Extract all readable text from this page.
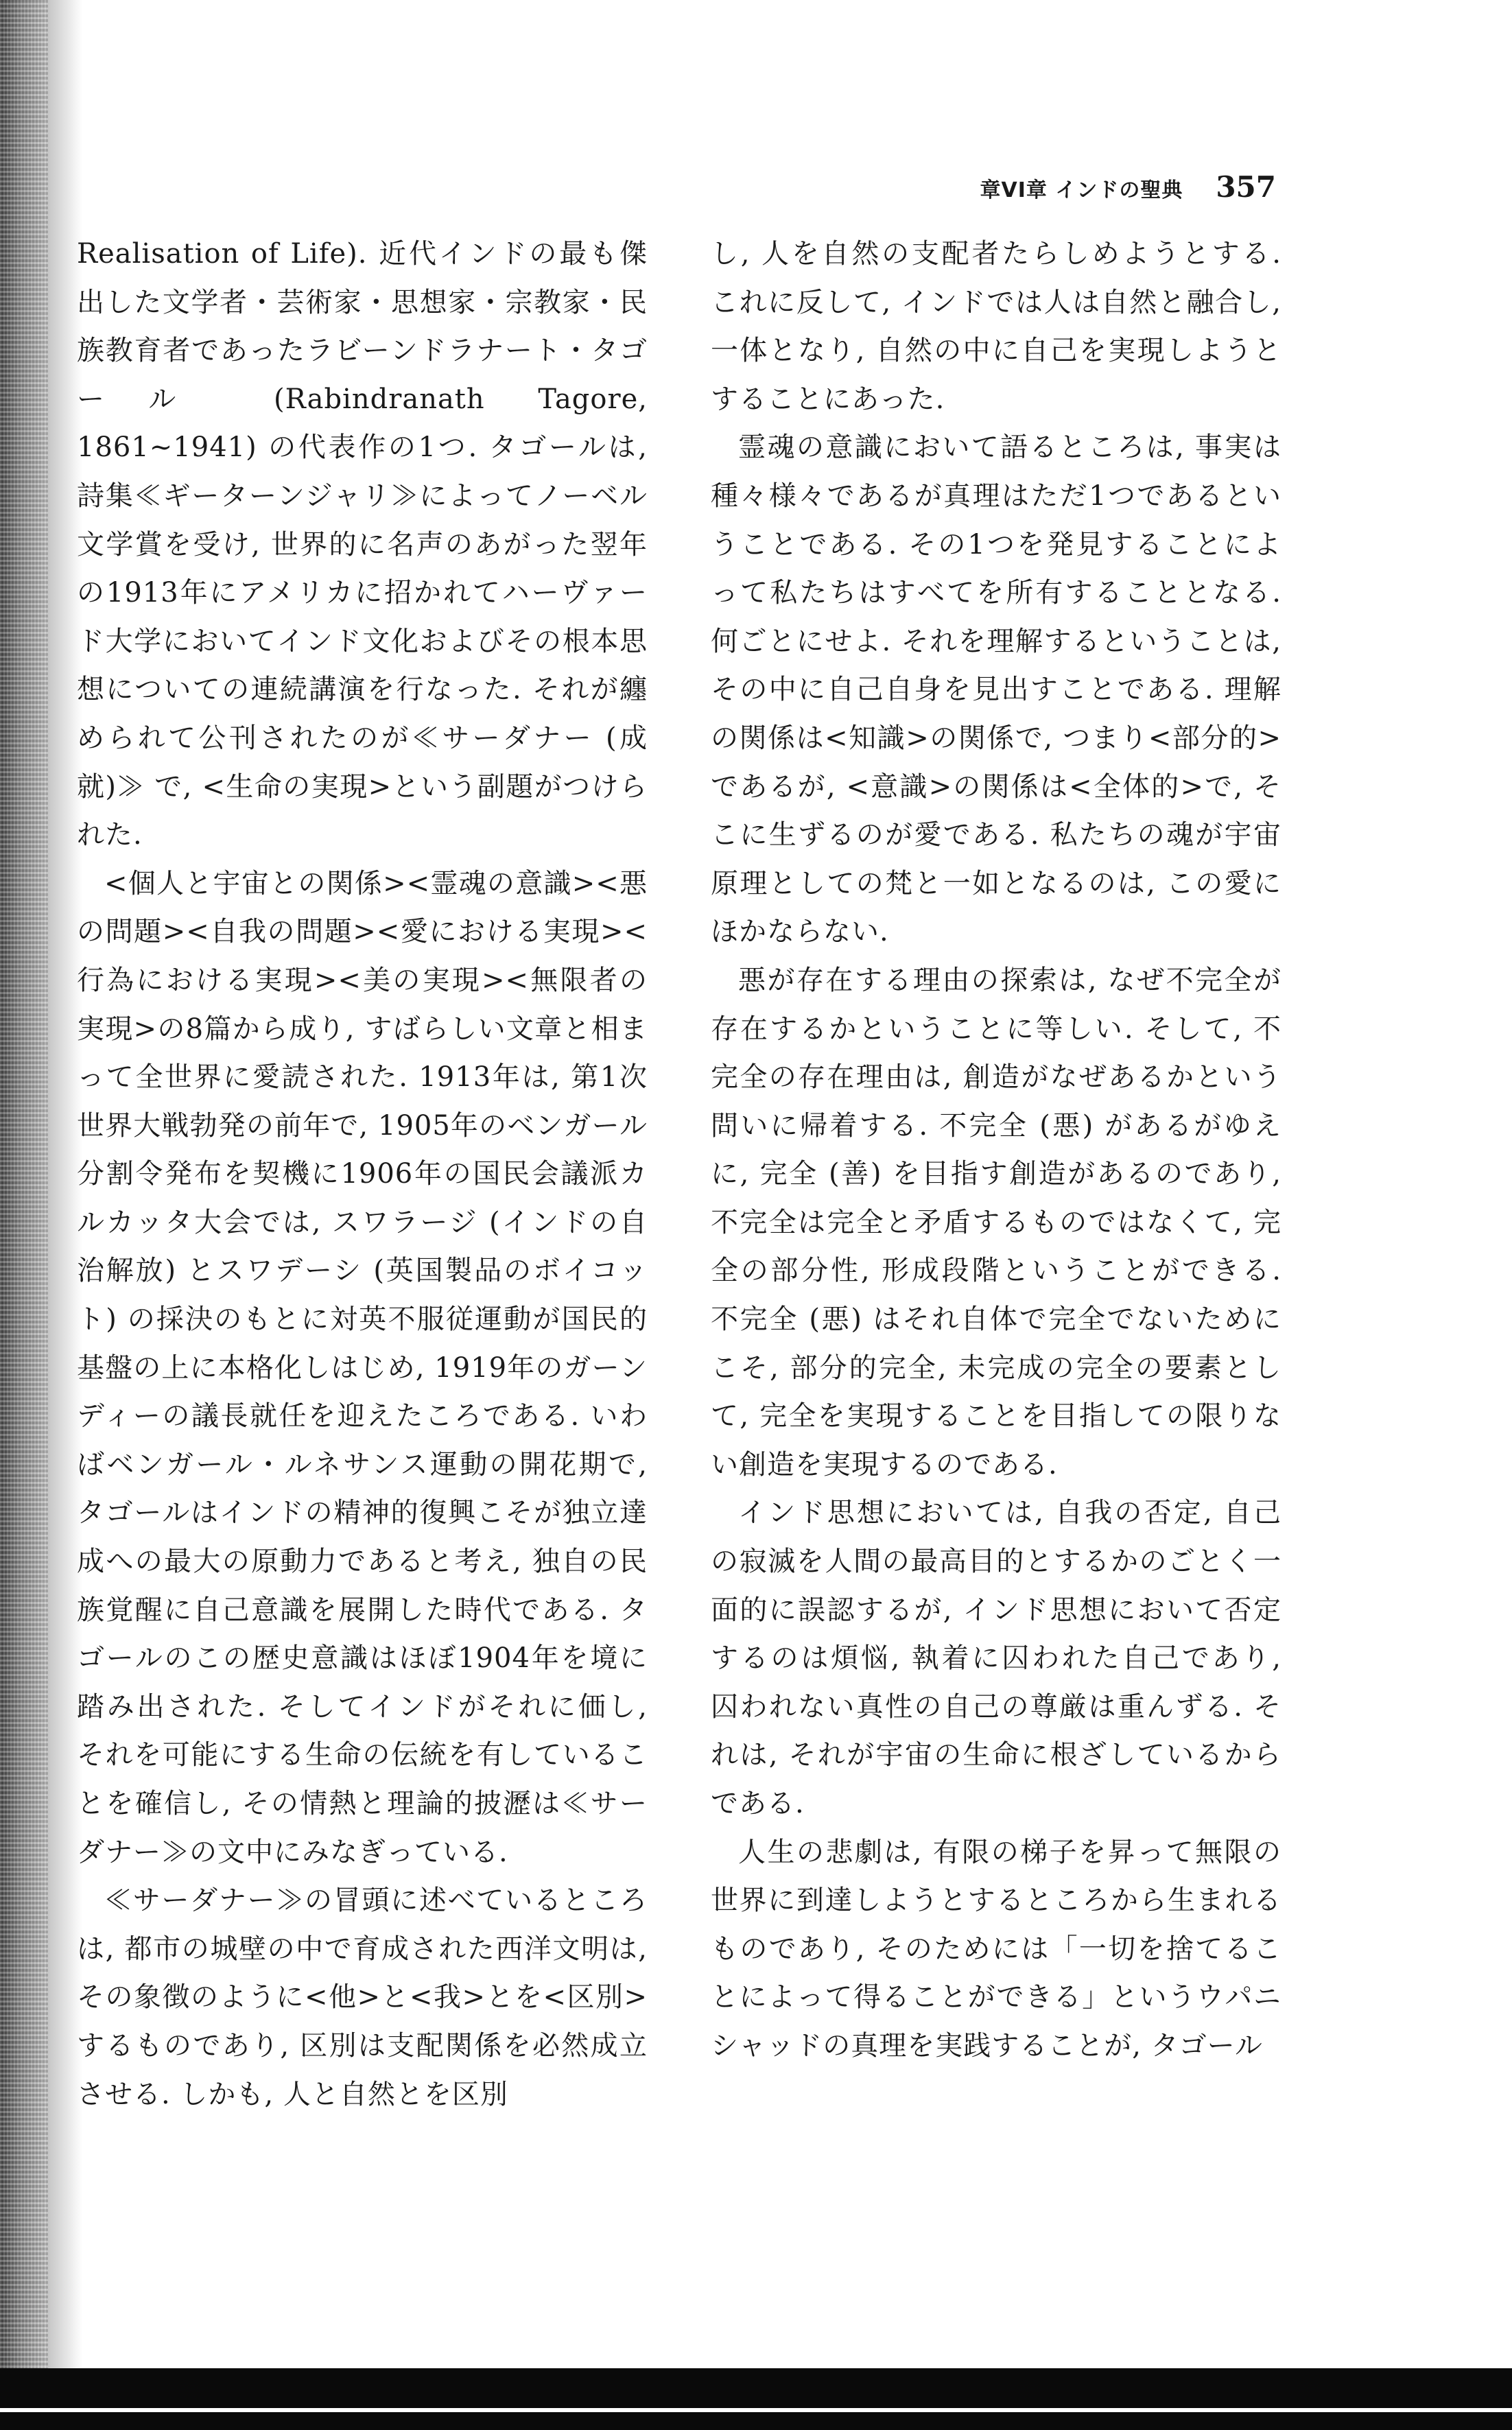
章VI章 インドの聖典 357

Realisation of Life). 近代インドの最も傑出した文学者・芸術家・思想家・宗教家・民族教育者であったラビーンドラナート・タゴール (Rabindranath Tagore, 1861~1941) の代表作の1つ. タゴールは, 詩集≪ギーターンジャリ≫によってノーベル文学賞を受け, 世界的に名声のあがった翌年の1913年にアメリカに招かれてハーヴァード大学においてインド文化およびその根本思想についての連続講演を行なった. それが纏められて公刊されたのが≪サーダナー (成就)≫ で, <生命の実現>という副題がつけられた.

<個人と宇宙との関係><霊魂の意識><悪の問題><自我の問題><愛における実現><行為における実現><美の実現><無限者の実現>の8篇から成り, すばらしい文章と相まって全世界に愛読された. 1913年は, 第1次世界大戦勃発の前年で, 1905年のベンガール分割令発布を契機に1906年の国民会議派カルカッタ大会では, スワラージ (インドの自治解放) とスワデーシ (英国製品のボイコット) の採決のもとに対英不服従運動が国民的基盤の上に本格化しはじめ, 1919年のガーンディーの議長就任を迎えたころである. いわばベンガール・ルネサンス運動の開花期で, タゴールはインドの精神的復興こそが独立達成への最大の原動力であると考え, 独自の民族覚醒に自己意識を展開した時代である. タゴールのこの歴史意識はほぼ1904年を境に踏み出された. そしてインドがそれに価し, それを可能にする生命の伝統を有していることを確信し, その情熱と理論的披瀝は≪サーダナー≫の文中にみなぎっている.

≪サーダナー≫の冒頭に述べているところは, 都市の城壁の中で育成された西洋文明は, その象徴のように<他>と<我>とを<区別>するものであり, 区別は支配関係を必然成立させる. しかも, 人と自然とを区別

し, 人を自然の支配者たらしめようとする. これに反して, インドでは人は自然と融合し, 一体となり, 自然の中に自己を実現しようとすることにあった.

霊魂の意識において語るところは, 事実は種々様々であるが真理はただ1つであるということである. その1つを発見することによって私たちはすべてを所有することとなる. 何ごとにせよ. それを理解するということは, その中に自己自身を見出すことである. 理解の関係は<知識>の関係で, つまり<部分的>であるが, <意識>の関係は<全体的>で, そこに生ずるのが愛である. 私たちの魂が宇宙原理としての梵と一如となるのは, この愛にほかならない.

悪が存在する理由の探索は, なぜ不完全が存在するかということに等しい. そして, 不完全の存在理由は, 創造がなぜあるかという問いに帰着する. 不完全 (悪) があるがゆえに, 完全 (善) を目指す創造があるのであり, 不完全は完全と矛盾するものではなくて, 完全の部分性, 形成段階ということができる. 不完全 (悪) はそれ自体で完全でないためにこそ, 部分的完全, 未完成の完全の要素として, 完全を実現することを目指しての限りない創造を実現するのである.

インド思想においては, 自我の否定, 自己の寂滅を人間の最高目的とするかのごとく一面的に誤認するが, インド思想において否定するのは煩悩, 執着に囚われた自己であり, 囚われない真性の自己の尊厳は重んずる. それは, それが宇宙の生命に根ざしているからである.

人生の悲劇は, 有限の梯子を昇って無限の世界に到達しようとするところから生まれるものであり, そのためには「一切を捨てることによって得ることができる」というウパニシャッドの真理を実践することが, タゴール
